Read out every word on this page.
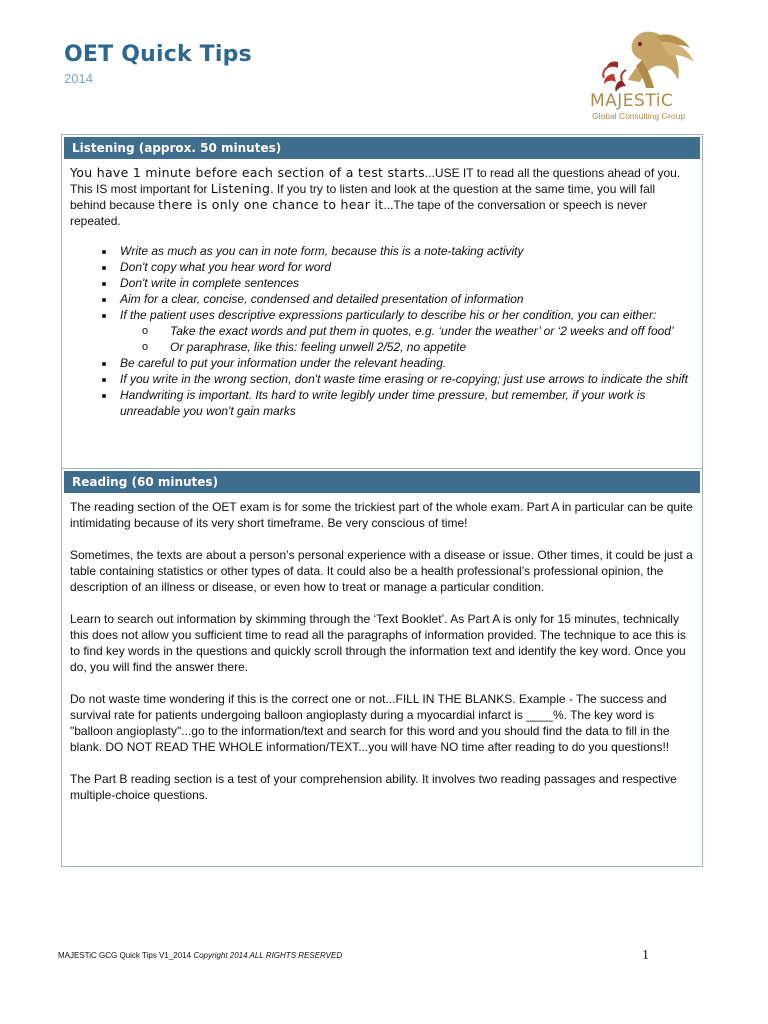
OET Quick Tips
2014
MAJESTiC
Global Consulting Group
Listening (approx. 50 minutes)

You have 1 minute before each section of a test starts...USE IT to read all the questions ahead of you. This IS most important for Listening. If you try to listen and look at the question at the same time, you will fall behind because there is only one chance to hear it...The tape of the conversation or speech is never repeated.

• Write as much as you can in note form, because this is a note-taking activity
• Don't copy what you hear word for word
• Don't write in complete sentences
• Aim for a clear, concise, condensed and detailed presentation of information
• If the patient uses descriptive expressions particularly to describe his or her condition, you can either:
o Take the exact words and put them in quotes, e.g. ‘under the weather’ or ‘2 weeks and off food’
o Or paraphrase, like this: feeling unwell 2/52, no appetite
• Be careful to put your information under the relevant heading.
• If you write in the wrong section, don't waste time erasing or re-copying; just use arrows to indicate the shift
• Handwriting is important. Its hard to write legibly under time pressure, but remember, if your work is unreadable you won't gain marks
Reading (60 minutes)

The reading section of the OET exam is for some the trickiest part of the whole exam. Part A in particular can be quite intimidating because of its very short timeframe. Be very conscious of time!

Sometimes, the texts are about a person’s personal experience with a disease or issue. Other times, it could be just a table containing statistics or other types of data. It could also be a health professional’s professional opinion, the description of an illness or disease, or even how to treat or manage a particular condition.

Learn to search out information by skimming through the ‘Text Booklet’. As Part A is only for 15 minutes, technically this does not allow you sufficient time to read all the paragraphs of information provided. The technique to ace this is to find key words in the questions and quickly scroll through the information text and identify the key word. Once you do, you will find the answer there.

Do not waste time wondering if this is the correct one or not...FILL IN THE BLANKS. Example - The success and survival rate for patients undergoing balloon angioplasty during a myocardial infarct is ____%. The key word is "balloon angioplasty"...go to the information/text and search for this word and you should find the data to fill in the blank. DO NOT READ THE WHOLE information/TEXT...you will have NO time after reading to do you questions!!

The Part B reading section is a test of your comprehension ability. It involves two reading passages and respective multiple-choice questions.

MAJESTiC GCG Quick Tips V1_2014 Copyright 2014 ALL RIGHTS RESERVED	1
